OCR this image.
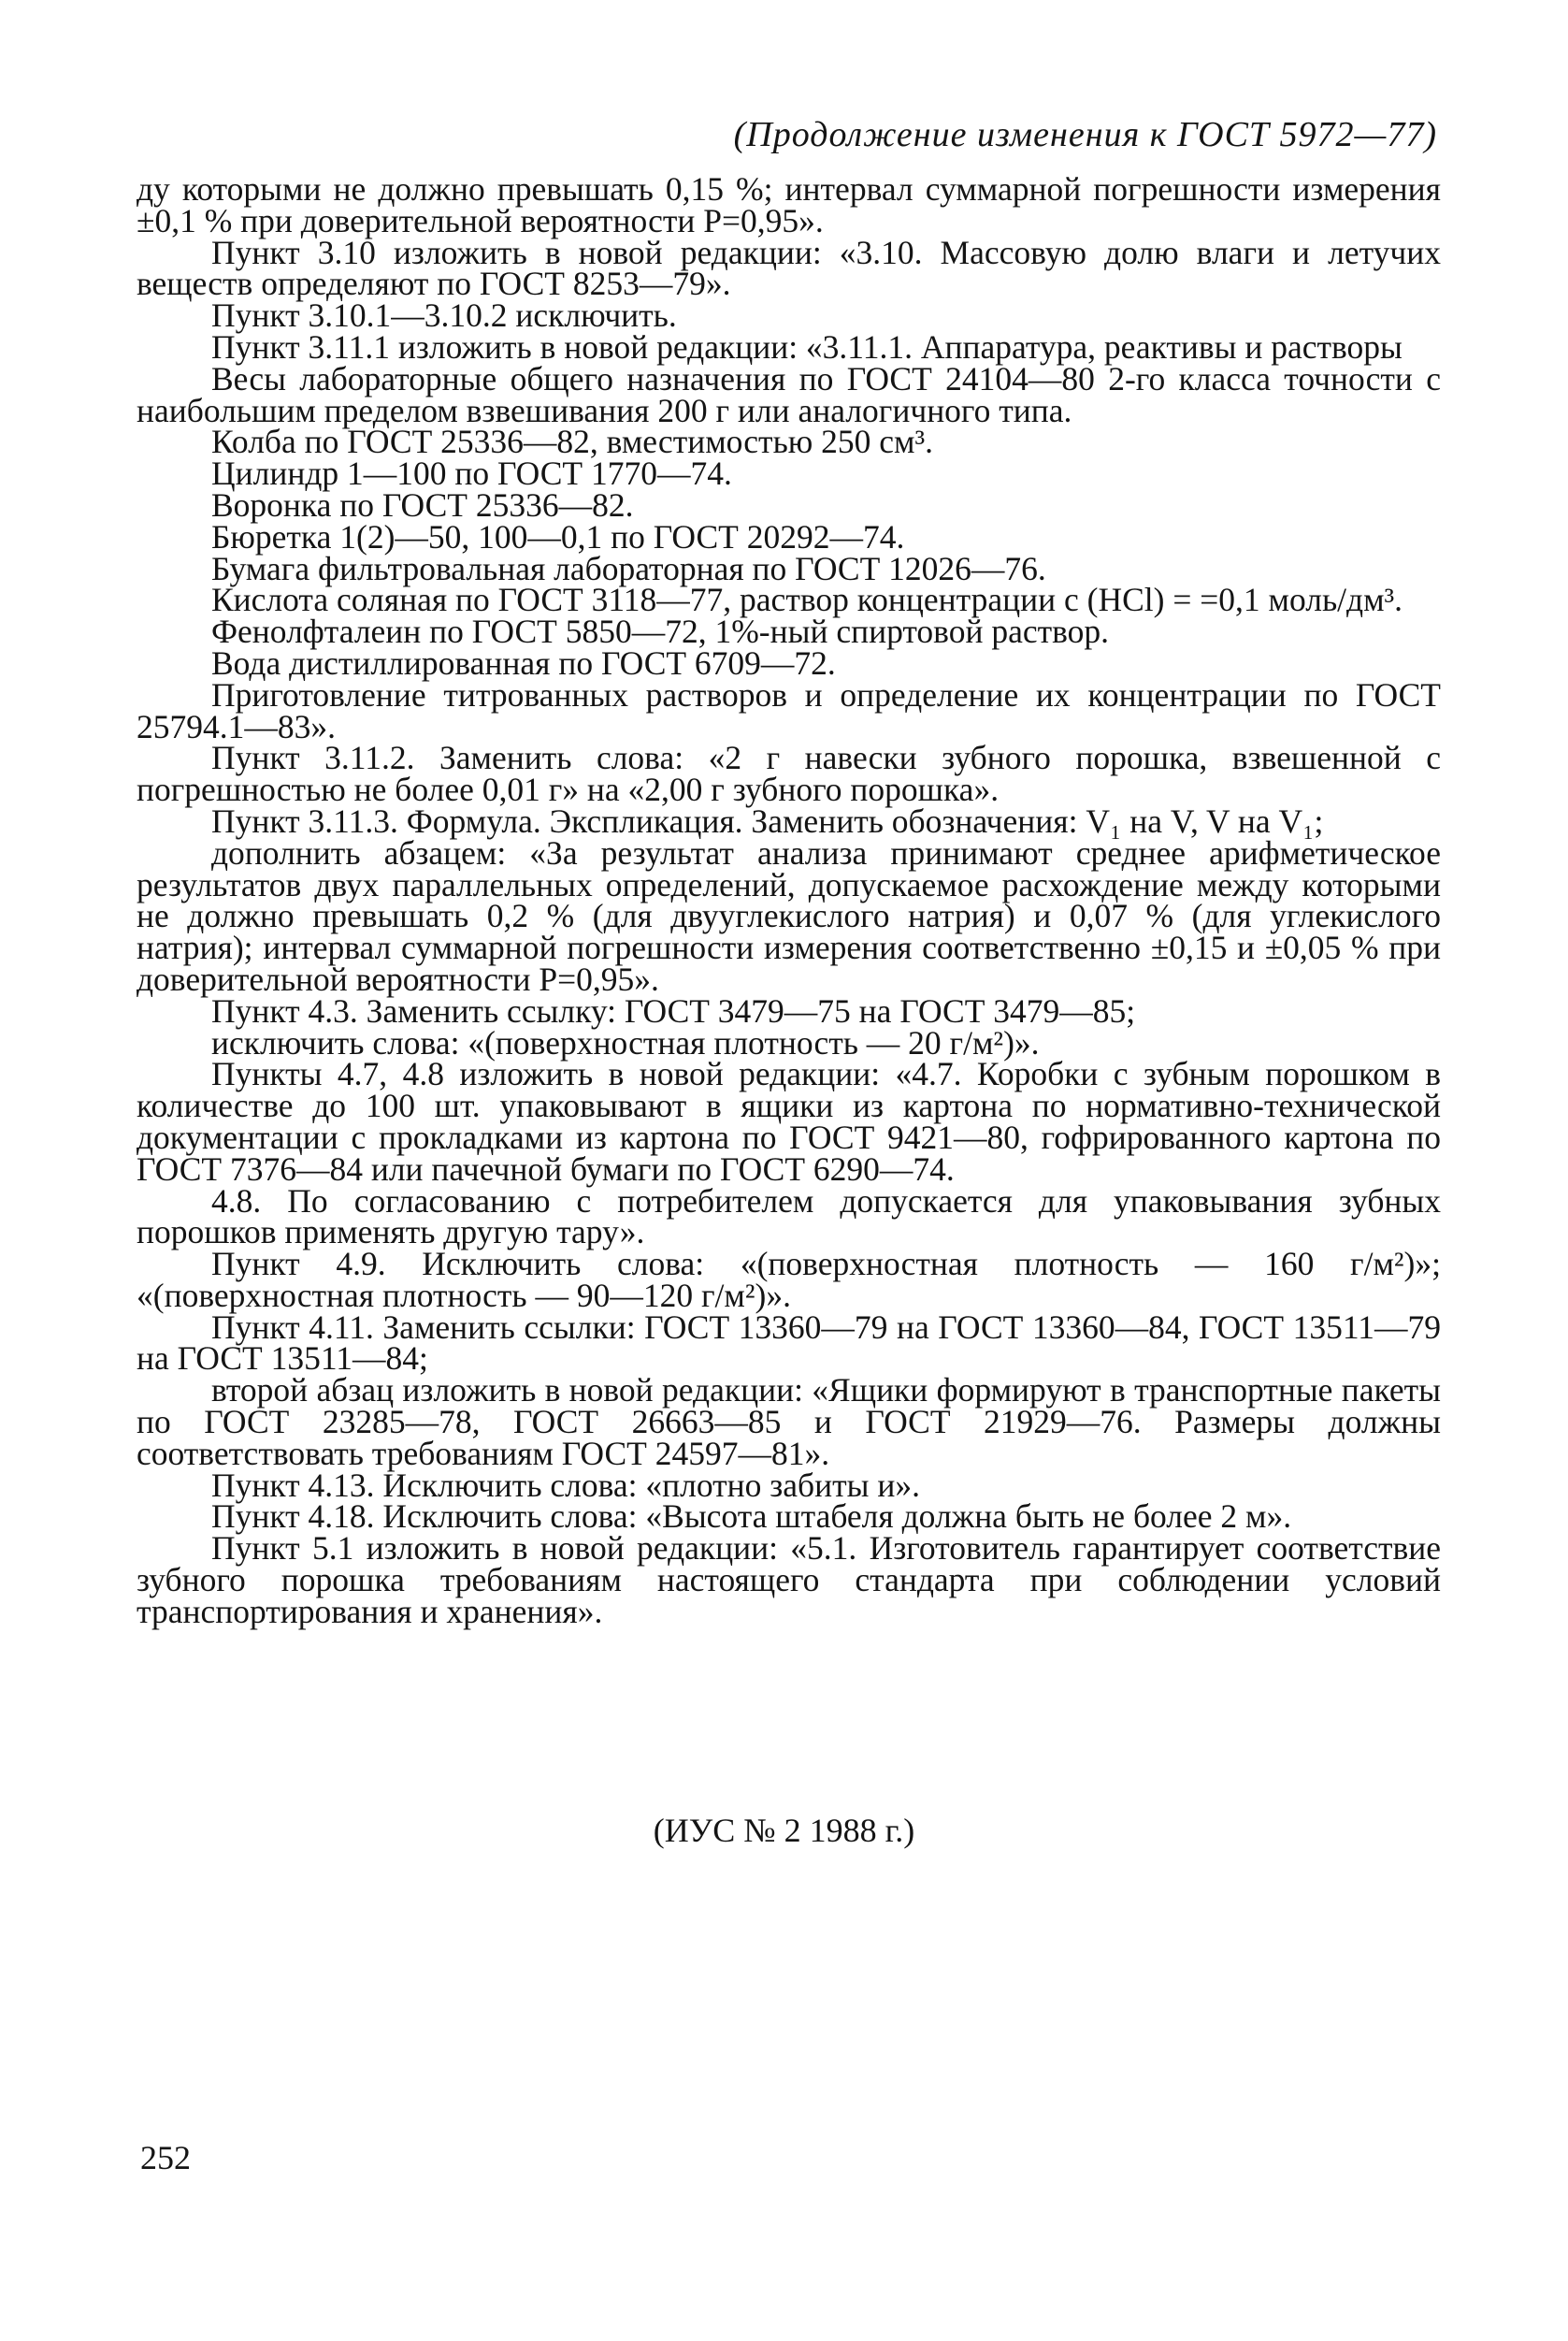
(Продолжение изменения к ГОСТ 5972—77)

ду которыми не должно превышать 0,15 %; интервал суммарной погрешности измерения ±0,1 % при доверительной вероятности P=0,95».

Пункт 3.10 изложить в новой редакции: «3.10. Массовую долю влаги и летучих веществ определяют по ГОСТ 8253—79».

Пункт 3.10.1—3.10.2 исключить.

Пункт 3.11.1 изложить в новой редакции: «3.11.1. Аппаратура, реактивы и растворы

Весы лабораторные общего назначения по ГОСТ 24104—80 2-го класса точности с наибольшим пределом взвешивания 200 г или аналогичного типа.

Колба по ГОСТ 25336—82, вместимостью 250 см³.

Цилиндр 1—100 по ГОСТ 1770—74.

Воронка по ГОСТ 25336—82.

Бюретка 1(2)—50, 100—0,1 по ГОСТ 20292—74.

Бумага фильтровальная лабораторная по ГОСТ 12026—76.

Кислота соляная по ГОСТ 3118—77, раствор концентрации c (HCl) = =0,1 моль/дм³.

Фенолфталеин по ГОСТ 5850—72, 1%-ный спиртовой раствор.

Вода дистиллированная по ГОСТ 6709—72.

Приготовление титрованных растворов и определение их концентрации по ГОСТ 25794.1—83».

Пункт 3.11.2. Заменить слова: «2 г навески зубного порошка, взвешенной с погрешностью не более 0,01 г» на «2,00 г зубного порошка».

Пункт 3.11.3. Формула. Экспликация. Заменить обозначения: V₁ на V, V на V₁;

дополнить абзацем: «За результат анализа принимают среднее арифметическое результатов двух параллельных определений, допускаемое расхождение между которыми не должно превышать 0,2 % (для двууглекислого натрия) и 0,07 % (для углекислого натрия); интервал суммарной погрешности измерения соответственно ±0,15 и ±0,05 % при доверительной вероятности P=0,95».

Пункт 4.3. Заменить ссылку: ГОСТ 3479—75 на ГОСТ 3479—85;

исключить слова: «(поверхностная плотность — 20 г/м²)».

Пункты 4.7, 4.8 изложить в новой редакции: «4.7. Коробки с зубным порошком в количестве до 100 шт. упаковывают в ящики из картона по нормативно-технической документации с прокладками из картона по ГОСТ 9421—80, гофрированного картона по ГОСТ 7376—84 или пачечной бумаги по ГОСТ 6290—74.

4.8. По согласованию с потребителем допускается для упаковывания зубных порошков применять другую тару».

Пункт 4.9. Исключить слова: «(поверхностная плотность — 160 г/м²)»; «(поверхностная плотность — 90—120 г/м²)».

Пункт 4.11. Заменить ссылки: ГОСТ 13360—79 на ГОСТ 13360—84, ГОСТ 13511—79 на ГОСТ 13511—84;

второй абзац изложить в новой редакции: «Ящики формируют в транспортные пакеты по ГОСТ 23285—78, ГОСТ 26663—85 и ГОСТ 21929—76. Размеры должны соответствовать требованиям ГОСТ 24597—81».

Пункт 4.13. Исключить слова: «плотно забиты и».

Пункт 4.18. Исключить слова: «Высота штабеля должна быть не более 2 м».

Пункт 5.1 изложить в новой редакции: «5.1. Изготовитель гарантирует соответствие зубного порошка требованиям настоящего стандарта при соблюдении условий транспортирования и хранения».

(ИУС № 2 1988 г.)
252
